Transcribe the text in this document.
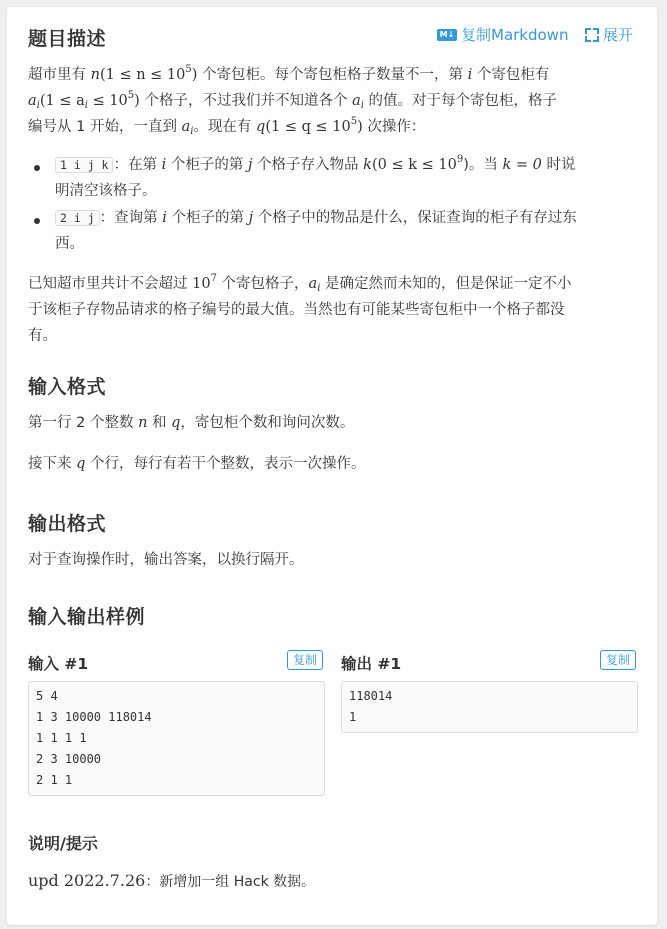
题目描述	M↓ 复制Markdown 展开
超市里有 $n(1 \le n \le 10^5)$ 个寄包柜。每个寄包柜格子数量不一，第 i 个寄包柜有
$a_i(1 \le a_i \le 10^5)$ 个格子，不过我们并不知道各个 $a_i$ 的值。对于每个寄包柜，格子
编号从 1 开始，一直到 $a_i$。现在有 $q(1 \le q \le 10^5)$ 次操作：
1 i j k ：在第 i 个柜子的第 j 个格子存入物品 $k(0 \le k \le 10^9)$。当 k = 0 时说
明清空该格子。
2 i j ：查询第 i 个柜子的第 j 个格子中的物品是什么，保证查询的柜子有存过东
西。
已知超市里共计不会超过 $10^7$ 个寄包格子，$a_i$ 是确定然而未知的，但是保证一定不小
于该柜子存物品请求的格子编号的最大值。当然也有可能某些寄包柜中一个格子都没
有。
输入格式
第一行 2 个整数 n 和 q，寄包柜个数和询问次数。
接下来 q 个行，每行有若干个整数，表示一次操作。
输出格式
对于查询操作时，输出答案，以换行隔开。
输入输出样例
输入 #1	复制
5 4
1 3 10000 118014
1 1 1 1
2 3 10000
2 1 1
输出 #1	复制
118014
1
说明/提示
upd 2022.7.26：新增加一组 Hack 数据。
